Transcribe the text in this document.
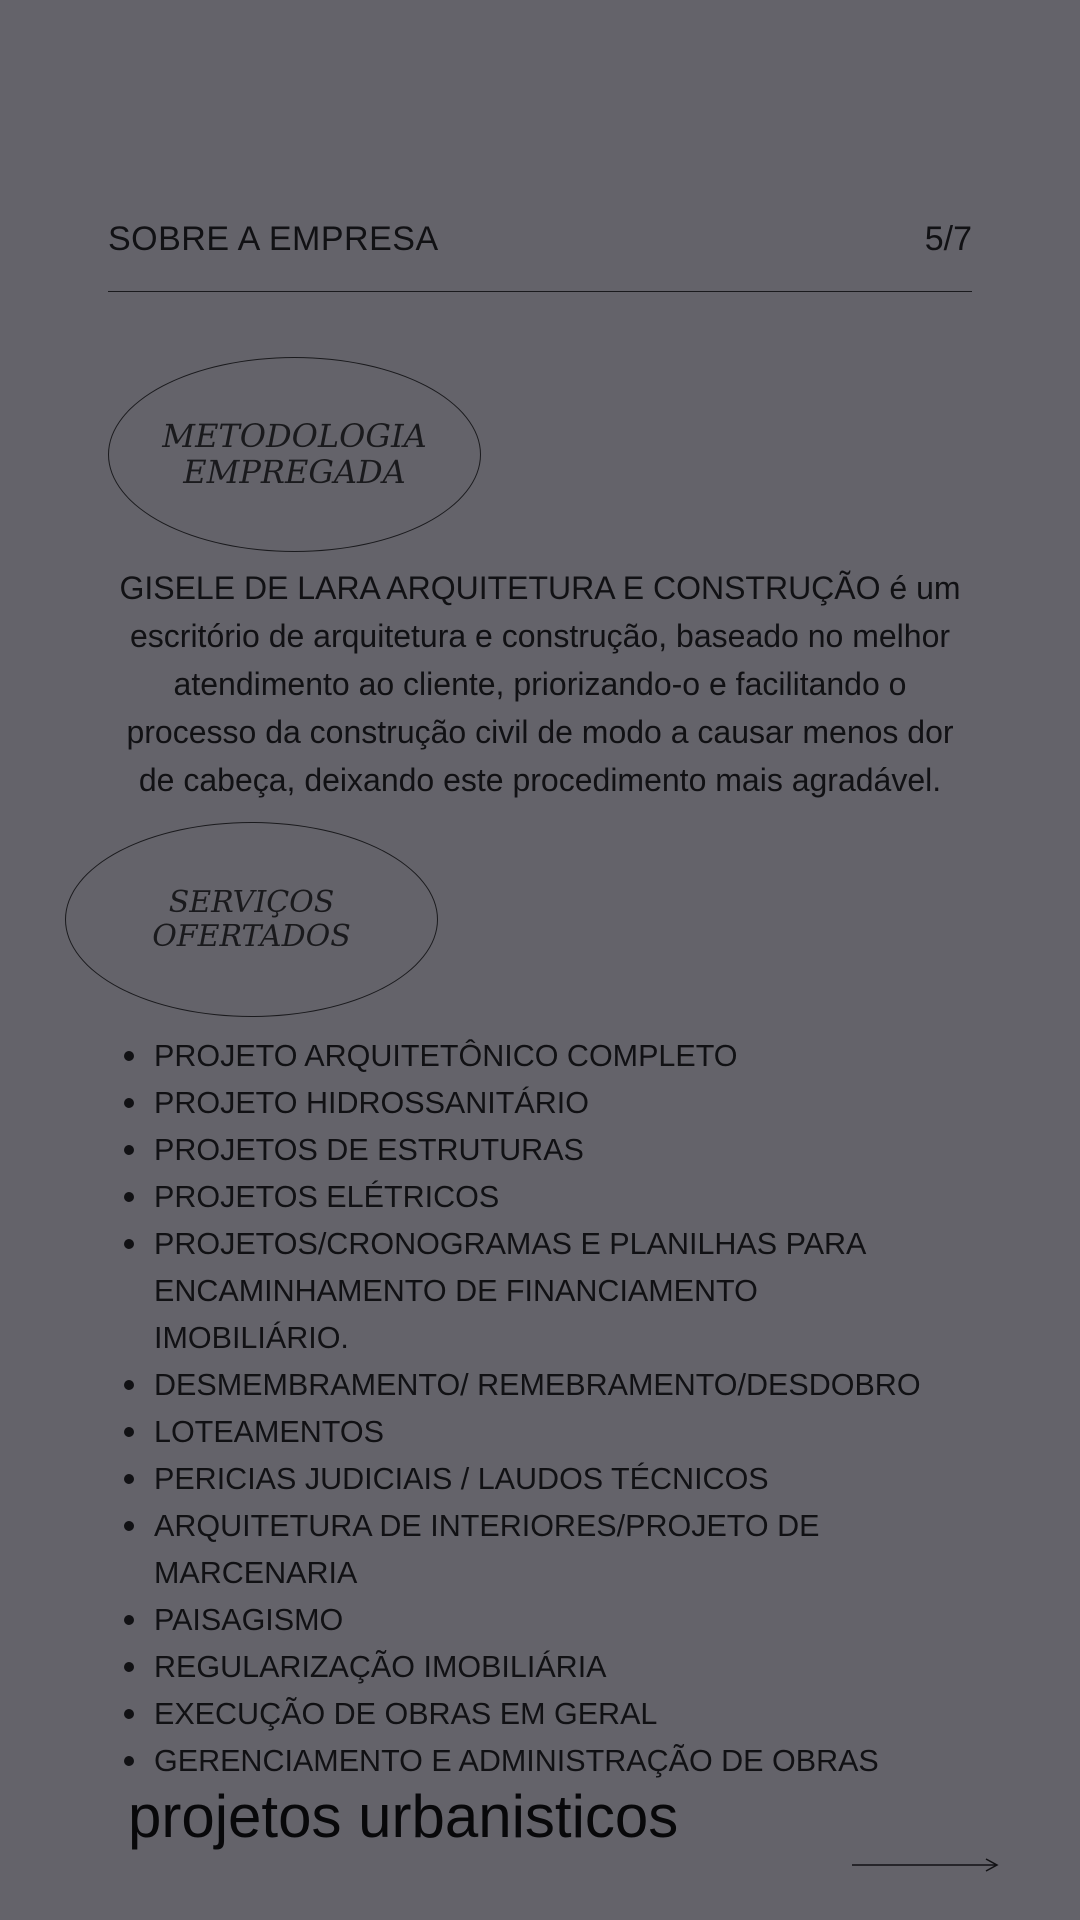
SOBRE A EMPRESA	5/7
METODOLOGIA EMPREGADA
GISELE DE LARA ARQUITETURA E CONSTRUÇÃO é um escritório de arquitetura e construção, baseado no melhor atendimento ao cliente, priorizando-o e facilitando o processo da construção civil de modo a causar menos dor de cabeça, deixando este procedimento mais agradável.
SERVIÇOS OFERTADOS
PROJETO ARQUITETÔNICO COMPLETO
PROJETO HIDROSSANITÁRIO
PROJETOS DE ESTRUTURAS
PROJETOS ELÉTRICOS
PROJETOS/CRONOGRAMAS E PLANILHAS PARA ENCAMINHAMENTO DE FINANCIAMENTO IMOBILIÁRIO.
DESMEMBRAMENTO/ REMEBRAMENTO/DESDOBRO
LOTEAMENTOS
PERICIAS JUDICIAIS / LAUDOS TÉCNICOS
ARQUITETURA DE INTERIORES/PROJETO DE MARCENARIA
PAISAGISMO
REGULARIZAÇÃO IMOBILIÁRIA
EXECUÇÃO DE OBRAS EM GERAL
GERENCIAMENTO E ADMINISTRAÇÃO DE OBRAS
projetos urbanisticos
